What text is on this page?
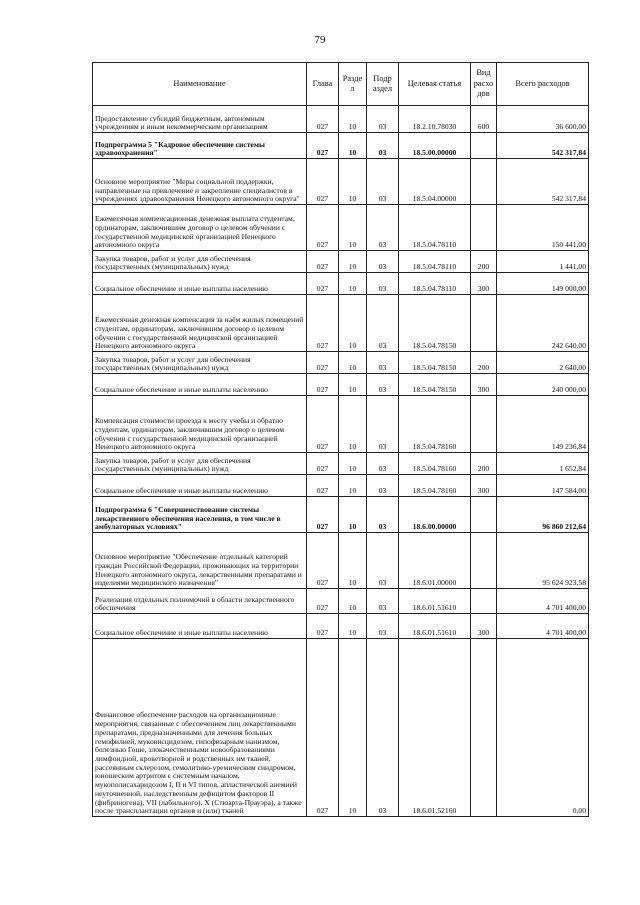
79
Наименование	Глава	Разде л	Подр аздел	Целевая статья	Вид расхо дов	Всего расходов
Предоставление субсидий бюджетным, автономным учреждениям и иным некоммерческим организациям	027	10	03	18.2.10.78030	600	36 600,00
Подпрограмма 5 "Кадровое обеспечение системы здравоохранения"	027	10	03	18.5.00.00000		542 317,84
Основное мероприятие "Меры социальной поддержки, направленные на привлечение и закрепление специалистов в учреждениях здравоохранения Ненецкого автономного округа"	027	10	03	18.5.04.00000		542 317,84
Ежемесячная компенсационная денежная выплата студентам, ординаторам, заключившим договор о целевом обучении с государственной медицинской организацией Ненецкого автономного округа	027	10	03	18.5.04.78110		150 441,00
Закупка товаров, работ и услуг для обеспечения государственных (муниципальных) нужд	027	10	03	18.5.04.78110	200	1 441,00
Социальное обеспечение и иные выплаты населению	027	10	03	18.5.04.78110	300	149 000,00
Ежемесячная денежная компенсация за наём жилых помещений студентам, ординаторам, заключившим договор о целевом обучении с государственной медицинской организацией Ненецкого автономного округа	027	10	03	18.5.04.78150		242 640,00
Закупка товаров, работ и услуг для обеспечения государственных (муниципальных) нужд	027	10	03	18.5.04.78150	200	2 640,00
Социальное обеспечение и иные выплаты населению	027	10	03	18.5.04.78150	300	240 000,00
Компенсация стоимости проезда к месту учебы и обратно студентам, ординаторам, заключившим договор о целевом обучении с государственной медицинской организацией Ненецкого автономного округа	027	10	03	18.5.04.78160		149 236,84
Закупка товаров, работ и услуг для обеспечения государственных (муниципальных) нужд	027	10	03	18.5.04.78160	200	1 652,84
Социальное обеспечение и иные выплаты населению	027	10	03	18.5.04.78160	300	147 584,00
Подпрограмма 6 "Совершенствование системы лекарственного обеспечения населения, в том числе в амбулаторных условиях"	027	10	03	18.6.00.00000		96 860 212,64
Основное мероприятие "Обеспечение отдельных категорий граждан Российской Федерации, проживающих на территории Ненецкого автономного округа, лекарственными препаратами и изделиями медицинского назначения"	027	10	03	18.6.01.00000		95 624 923,58
Реализация отдельных полномочий в области лекарственного обеспечения	027	10	03	18.6.01.51610		4 701 400,00
Социальное обеспечение и иные выплаты населению	027	10	03	18.6.01.51610	300	4 701 400,00
Финансовое обеспечение расходов на организационные мероприятия, связанные с обеспечением лиц лекарственными препаратами, предназначенными для лечения больных гемофилией, муковисцидозом, гипофизарным нанизмом, болезнью Гоше, злокачественными новообразованиями лимфоидной, кроветворной и родственных им тканей, рассеянным склерозом, гемолитико-уремическим синдромом, юношеским артритом с системным началом, мукополисахаридозом I, II и VI типов, апластической анемией неуточненной, наследственным дефицитом факторов II (фибриногена), VII (лабильного), X (Стюарта-Прауэра), а также после трансплантации органов и (или) тканей	027	10	03	18.6.01.52160		0,00
